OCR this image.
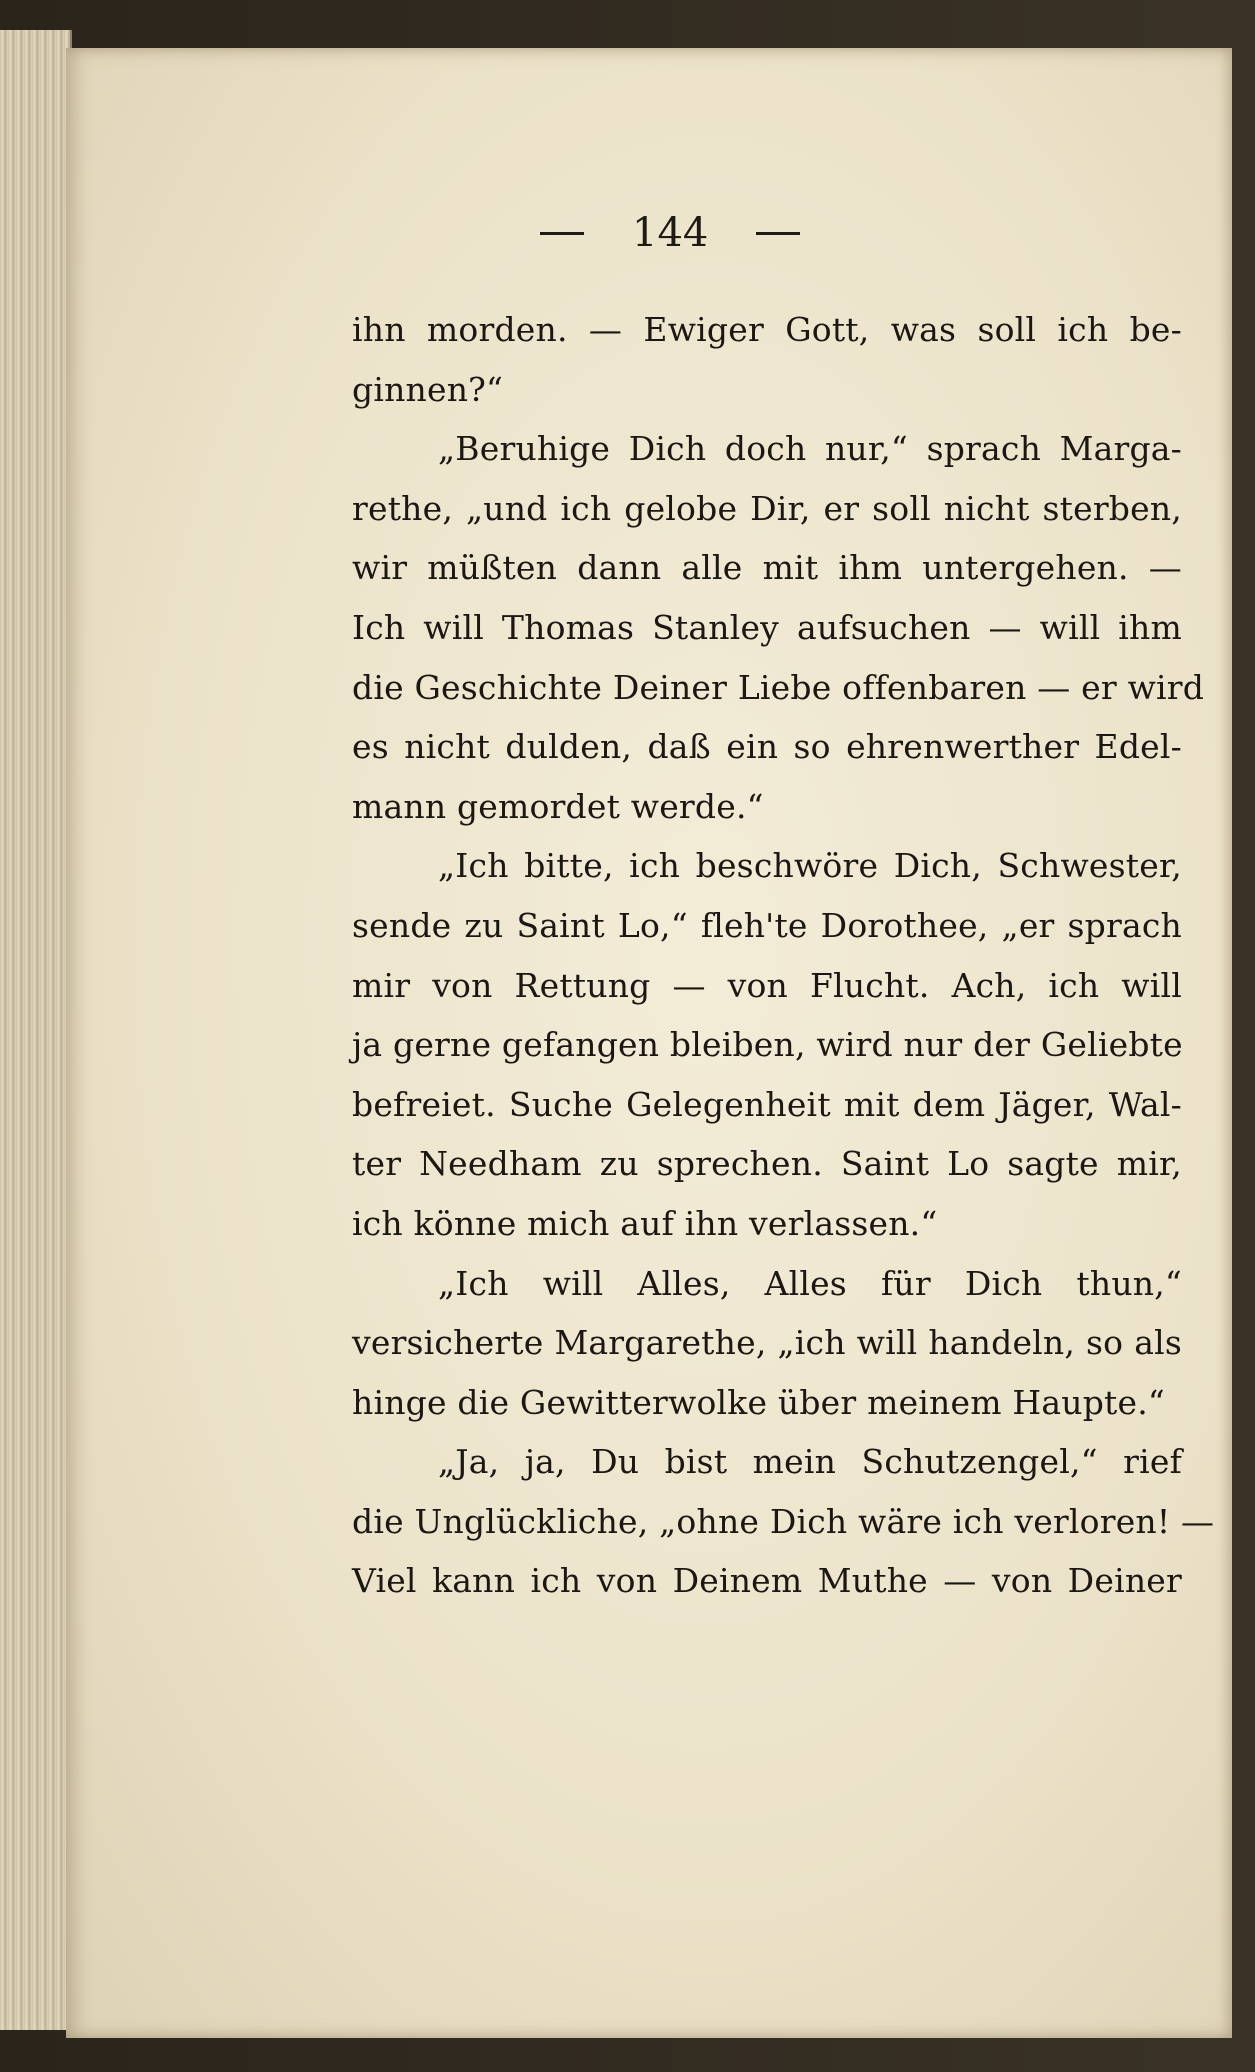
144
ihn morden. — Ewiger Gott, was soll ich be-
ginnen?“
„Beruhige Dich doch nur,“ sprach Marga-
rethe, „und ich gelobe Dir, er soll nicht sterben,
wir müßten dann alle mit ihm untergehen. —
Ich will Thomas Stanley aufsuchen — will ihm
die Geschichte Deiner Liebe offenbaren — er wird
es nicht dulden, daß ein so ehrenwerther Edel-
mann gemordet werde.“
„Ich bitte, ich beschwöre Dich, Schwester,
sende zu Saint Lo,“ fleh'te Dorothee, „er sprach
mir von Rettung — von Flucht. Ach, ich will
ja gerne gefangen bleiben, wird nur der Geliebte
befreiet. Suche Gelegenheit mit dem Jäger, Wal-
ter Needham zu sprechen. Saint Lo sagte mir,
ich könne mich auf ihn verlassen.“
„Ich will Alles, Alles für Dich thun,“
versicherte Margarethe, „ich will handeln, so als
hinge die Gewitterwolke über meinem Haupte.“
„Ja, ja, Du bist mein Schutzengel,“ rief
die Unglückliche, „ohne Dich wäre ich verloren! —
Viel kann ich von Deinem Muthe — von Deiner
